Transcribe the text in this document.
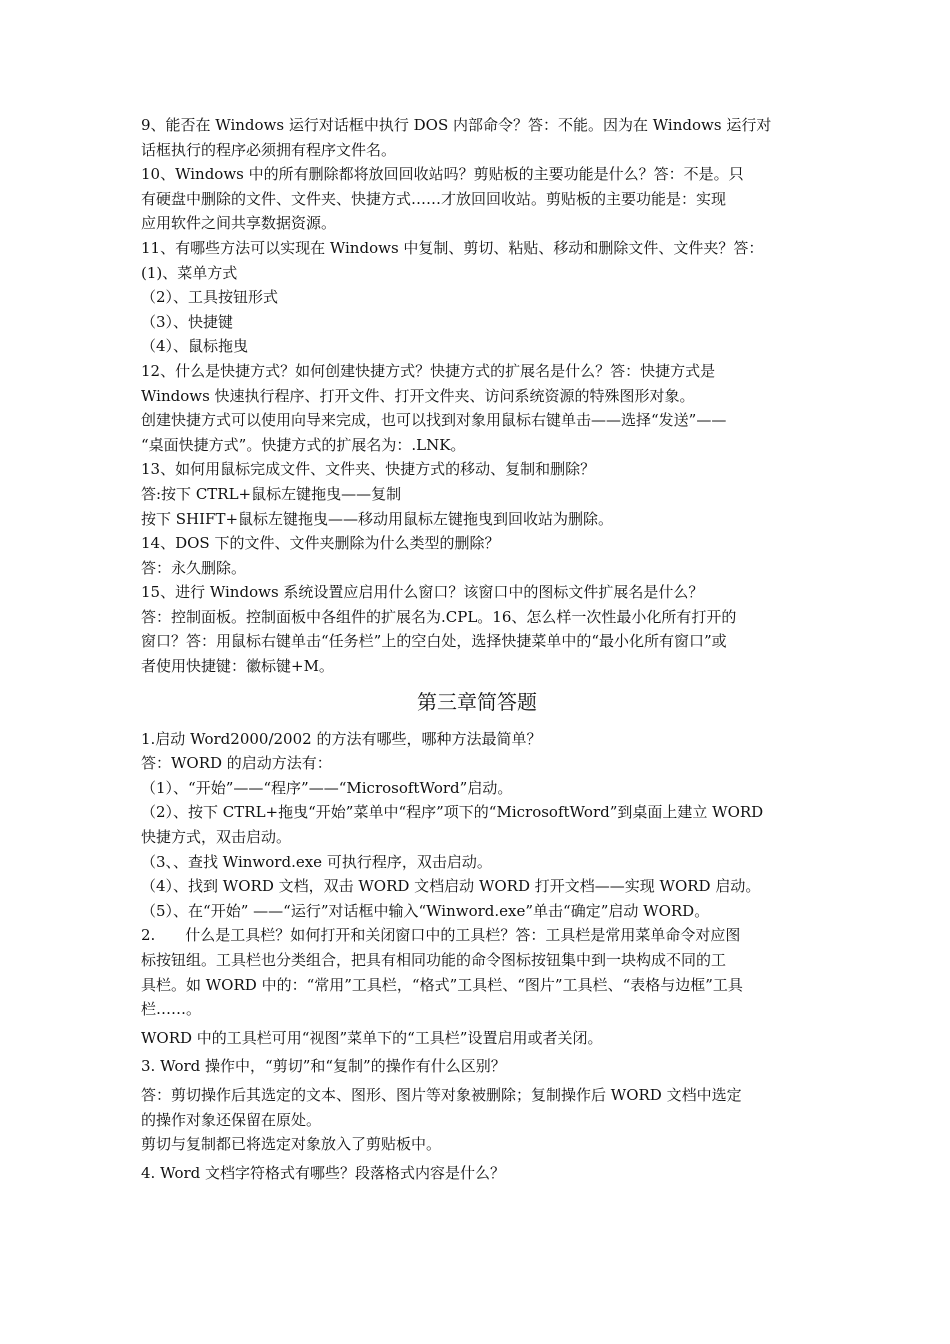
9、能否在 Windows 运行对话框中执行 DOS 内部命令？答：不能。因为在 Windows 运行对
话框执行的程序必须拥有程序文件名。
10、Windows 中的所有删除都将放回回收站吗？剪贴板的主要功能是什么？答：不是。只
有硬盘中删除的文件、文件夹、快捷方式……才放回回收站。剪贴板的主要功能是：实现
应用软件之间共享数据资源。
11、有哪些方法可以实现在 Windows 中复制、剪切、粘贴、移动和删除文件、文件夹？答：
(1)、菜单方式
（2）、工具按钮形式
（3）、快捷键
（4）、鼠标拖曳
12、什么是快捷方式？如何创建快捷方式？快捷方式的扩展名是什么？答：快捷方式是
Windows 快速执行程序、打开文件、打开文件夹、访问系统资源的特殊图形对象。
创建快捷方式可以使用向导来完成，也可以找到对象用鼠标右键单击——选择“发送”——
“桌面快捷方式”。快捷方式的扩展名为：.LNK。
13、如何用鼠标完成文件、文件夹、快捷方式的移动、复制和删除？
答:按下 CTRL+鼠标左键拖曳——复制
按下 SHIFT+鼠标左键拖曳——移动用鼠标左键拖曳到回收站为删除。
14、DOS 下的文件、文件夹删除为什么类型的删除？
答：永久删除。
15、进行 Windows 系统设置应启用什么窗口？该窗口中的图标文件扩展名是什么？
答：控制面板。控制面板中各组件的扩展名为.CPL。16、怎么样一次性最小化所有打开的
窗口？答：用鼠标右键单击“任务栏”上的空白处，选择快捷菜单中的“最小化所有窗口”或
者使用快捷键：徽标键+M。
第三章简答题
1.启动 Word2000/2002 的方法有哪些，哪种方法最简单？
答：WORD 的启动方法有：
（1）、“开始”——“程序”——“MicrosoftWord”启动。
（2）、按下 CTRL+拖曳“开始”菜单中“程序”项下的“MicrosoftWord”到桌面上建立 WORD
快捷方式，双击启动。
（3、、查找 Winword.exe 可执行程序，双击启动。
（4）、找到 WORD 文档，双击 WORD 文档启动 WORD 打开文档——实现 WORD 启动。
（5）、在“开始” ——“运行”对话框中输入“Winword.exe”单击“确定”启动 WORD。
2.　　什么是工具栏？如何打开和关闭窗口中的工具栏？答：工具栏是常用菜单命令对应图
标按钮组。工具栏也分类组合，把具有相同功能的命令图标按钮集中到一块构成不同的工
具栏。如 WORD 中的：“常用”工具栏，“格式”工具栏、“图片”工具栏、“表格与边框”工具
栏……。
WORD 中的工具栏可用“视图”菜单下的“工具栏”设置启用或者关闭。
3. Word 操作中，“剪切”和“复制”的操作有什么区别？
答：剪切操作后其选定的文本、图形、图片等对象被删除；复制操作后 WORD 文档中选定
的操作对象还保留在原处。
剪切与复制都已将选定对象放入了剪贴板中。
4. Word 文档字符格式有哪些？段落格式内容是什么？
